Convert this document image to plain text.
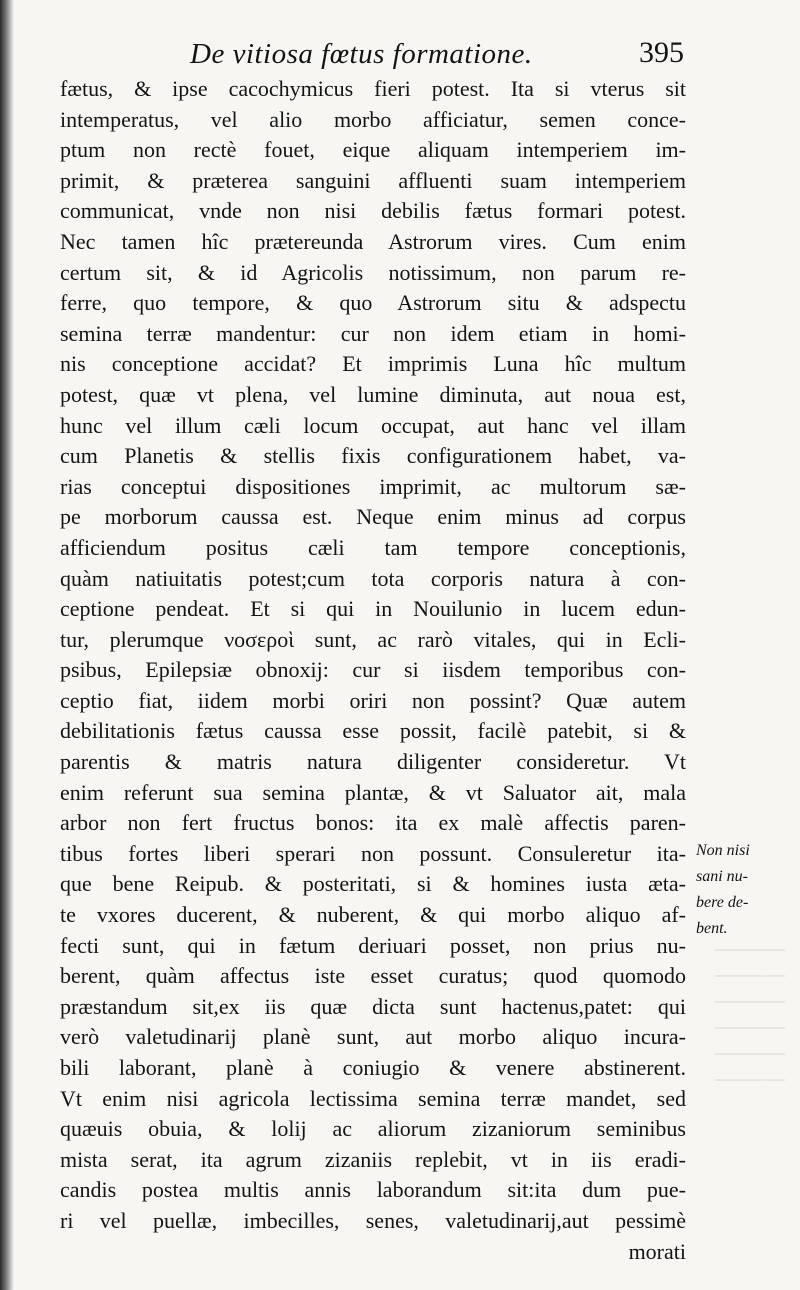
De vitiosa fœtus formatione.	395
fætus, & ipse cacochymicus fieri potest. Ita si vterus sit
intemperatus, vel alio morbo afficiatur, semen conce-
ptum non rectè fouet, eique aliquam intemperiem im-
primit, & præterea sanguini affluenti suam intemperiem
communicat, vnde non nisi debilis fætus formari potest.
Nec tamen hîc prætereunda Astrorum vires. Cum enim
certum sit, & id Agricolis notissimum, non parum re-
ferre, quo tempore, & quo Astrorum situ & adspectu
semina terræ mandentur: cur non idem etiam in homi-
nis conceptione accidat? Et imprimis Luna hîc multum
potest, quæ vt plena, vel lumine diminuta, aut noua est,
hunc vel illum cæli locum occupat, aut hanc vel illam
cum Planetis & stellis fixis configurationem habet, va-
rias conceptui dispositiones imprimit, ac multorum sæ-
pe morborum caussa est. Neque enim minus ad corpus
afficiendum positus cæli tam tempore conceptionis,
quàm natiuitatis potest;cum tota corporis natura à con-
ceptione pendeat. Et si qui in Nouilunio in lucem edun-
tur, plerumque νοσεροὶ sunt, ac rarò vitales, qui in Ecli-
psibus, Epilepsiæ obnoxij: cur si iisdem temporibus con-
ceptio fiat, iidem morbi oriri non possint? Quæ autem
debilitationis fætus caussa esse possit, facilè patebit, si &
parentis & matris natura diligenter consideretur. Vt
enim referunt sua semina plantæ, & vt Saluator ait, mala
arbor non fert fructus bonos: ita ex malè affectis paren-
tibus fortes liberi sperari non possunt. Consuleretur ita-
que bene Reipub. & posteritati, si & homines iusta æta-
te vxores ducerent, & nuberent, & qui morbo aliquo af-
fecti sunt, qui in fætum deriuari posset, non prius nu-
berent, quàm affectus iste esset curatus; quod quomodo
præstandum sit,ex iis quæ dicta sunt hactenus,patet: qui
verò valetudinarij planè sunt, aut morbo aliquo incura-
bili laborant, planè à coniugio & venere abstinerent.
Vt enim nisi agricola lectissima semina terræ mandet, sed
quæuis obuia, & lolij ac aliorum zizaniorum seminibus
mista serat, ita agrum zizaniis replebit, vt in iis eradi-
candis postea multis annis laborandum sit:ita dum pue-
ri vel puellæ, imbecilles, senes, valetudinarij,aut pessimè
morati
Non nisi
sani nu-
bere de-
bent.
